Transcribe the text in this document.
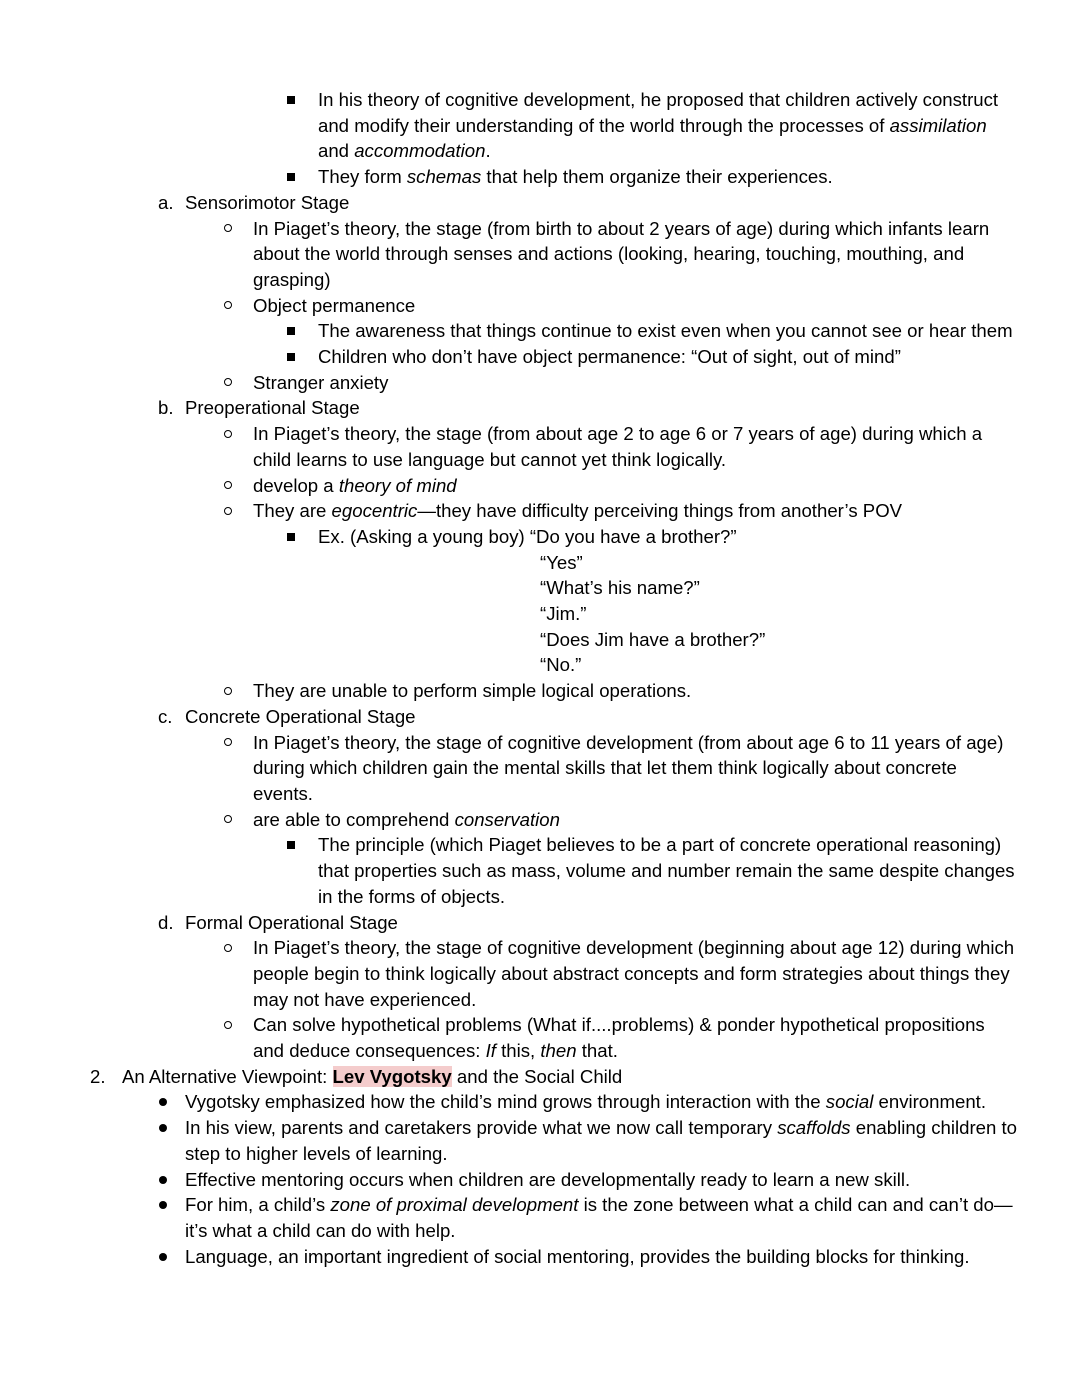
In his theory of cognitive development, he proposed that children actively construct and modify their understanding of the world through the processes of assimilation and accommodation.
They form schemas that help them organize their experiences.
a. Sensorimotor Stage
In Piaget’s theory, the stage (from birth to about 2 years of age) during which infants learn about the world through senses and actions (looking, hearing, touching, mouthing, and grasping)
Object permanence
The awareness that things continue to exist even when you cannot see or hear them
Children who don’t have object permanence: “Out of sight, out of mind”
Stranger anxiety
b. Preoperational Stage
In Piaget’s theory, the stage (from about age 2 to age 6 or 7 years of age) during which a child learns to use language but cannot yet think logically.
develop a theory of mind
They are egocentric—they have difficulty perceiving things from another’s POV
Ex. (Asking a young boy) “Do you have a brother?”
“Yes”
“What’s his name?”
“Jim.”
“Does Jim have a brother?”
“No.”
They are unable to perform simple logical operations.
c. Concrete Operational Stage
In Piaget’s theory, the stage of cognitive development (from about age 6 to 11 years of age) during which children gain the mental skills that let them think logically about concrete events.
are able to comprehend conservation
The principle (which Piaget believes to be a part of concrete operational reasoning) that properties such as mass, volume and number remain the same despite changes in the forms of objects.
d. Formal Operational Stage
In Piaget’s theory, the stage of cognitive development (beginning about age 12) during which people begin to think logically about abstract concepts and form strategies about things they may not have experienced.
Can solve hypothetical problems (What if....problems) & ponder hypothetical propositions and deduce consequences: If this, then that.
2. An Alternative Viewpoint: Lev Vygotsky and the Social Child
Vygotsky emphasized how the child’s mind grows through interaction with the social environment.
In his view, parents and caretakers provide what we now call temporary scaffolds enabling children to step to higher levels of learning.
Effective mentoring occurs when children are developmentally ready to learn a new skill.
For him, a child’s zone of proximal development is the zone between what a child can and can’t do—it’s what a child can do with help.
Language, an important ingredient of social mentoring, provides the building blocks for thinking.
